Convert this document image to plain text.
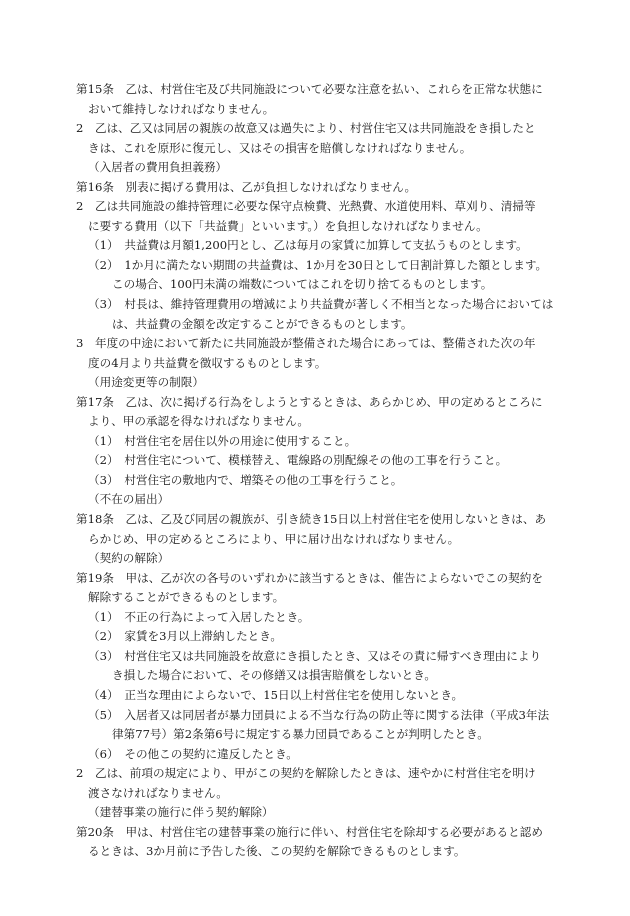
第15条　乙は、村営住宅及び共同施設について必要な注意を払い、これらを正常な状態に
おいて維持しなければなりません。
2　乙は、乙又は同居の親族の故意又は過失により、村営住宅又は共同施設をき損したと
きは、これを原形に復元し、又はその損害を賠償しなければなりません。
（入居者の費用負担義務）
第16条　別表に掲げる費用は、乙が負担しなければなりません。
2　乙は共同施設の維持管理に必要な保守点検費、光熱費、水道使用料、草刈り、清掃等
に要する費用（以下「共益費」といいます。）を負担しなければなりません。
（1）　共益費は月額1,200円とし、乙は毎月の家賃に加算して支払うものとします。
（2）　1か月に満たない期間の共益費は、1か月を30日として日割計算した額とします。
この場合、100円未満の端数についてはこれを切り捨てるものとします。
（3）　村長は、維持管理費用の増減により共益費が著しく不相当となった場合においては
は、共益費の金額を改定することができるものとします。
3　年度の中途において新たに共同施設が整備された場合にあっては、整備された次の年
度の4月より共益費を徴収するものとします。
（用途変更等の制限）
第17条　乙は、次に掲げる行為をしようとするときは、あらかじめ、甲の定めるところに
より、甲の承認を得なければなりません。
（1）　村営住宅を居住以外の用途に使用すること。
（2）　村営住宅について、模様替え、電線路の別配線その他の工事を行うこと。
（3）　村営住宅の敷地内で、増築その他の工事を行うこと。
（不在の届出）
第18条　乙は、乙及び同居の親族が、引き続き15日以上村営住宅を使用しないときは、あ
らかじめ、甲の定めるところにより、甲に届け出なければなりません。
（契約の解除）
第19条　甲は、乙が次の各号のいずれかに該当するときは、催告によらないでこの契約を
解除することができるものとします。
（1）　不正の行為によって入居したとき。
（2）　家賃を3月以上滞納したとき。
（3）　村営住宅又は共同施設を故意にき損したとき、又はその責に帰すべき理由により
き損した場合において、その修繕又は損害賠償をしないとき。
（4）　正当な理由によらないで、15日以上村営住宅を使用しないとき。
（5）　入居者又は同居者が暴力団員による不当な行為の防止等に関する法律（平成3年法
律第77号）第2条第6号に規定する暴力団員であることが判明したとき。
（6）　その他この契約に違反したとき。
2　乙は、前項の規定により、甲がこの契約を解除したときは、速やかに村営住宅を明け
渡さなければなりません。
（建替事業の施行に伴う契約解除）
第20条　甲は、村営住宅の建替事業の施行に伴い、村営住宅を除却する必要があると認め
るときは、3か月前に予告した後、この契約を解除できるものとします。
